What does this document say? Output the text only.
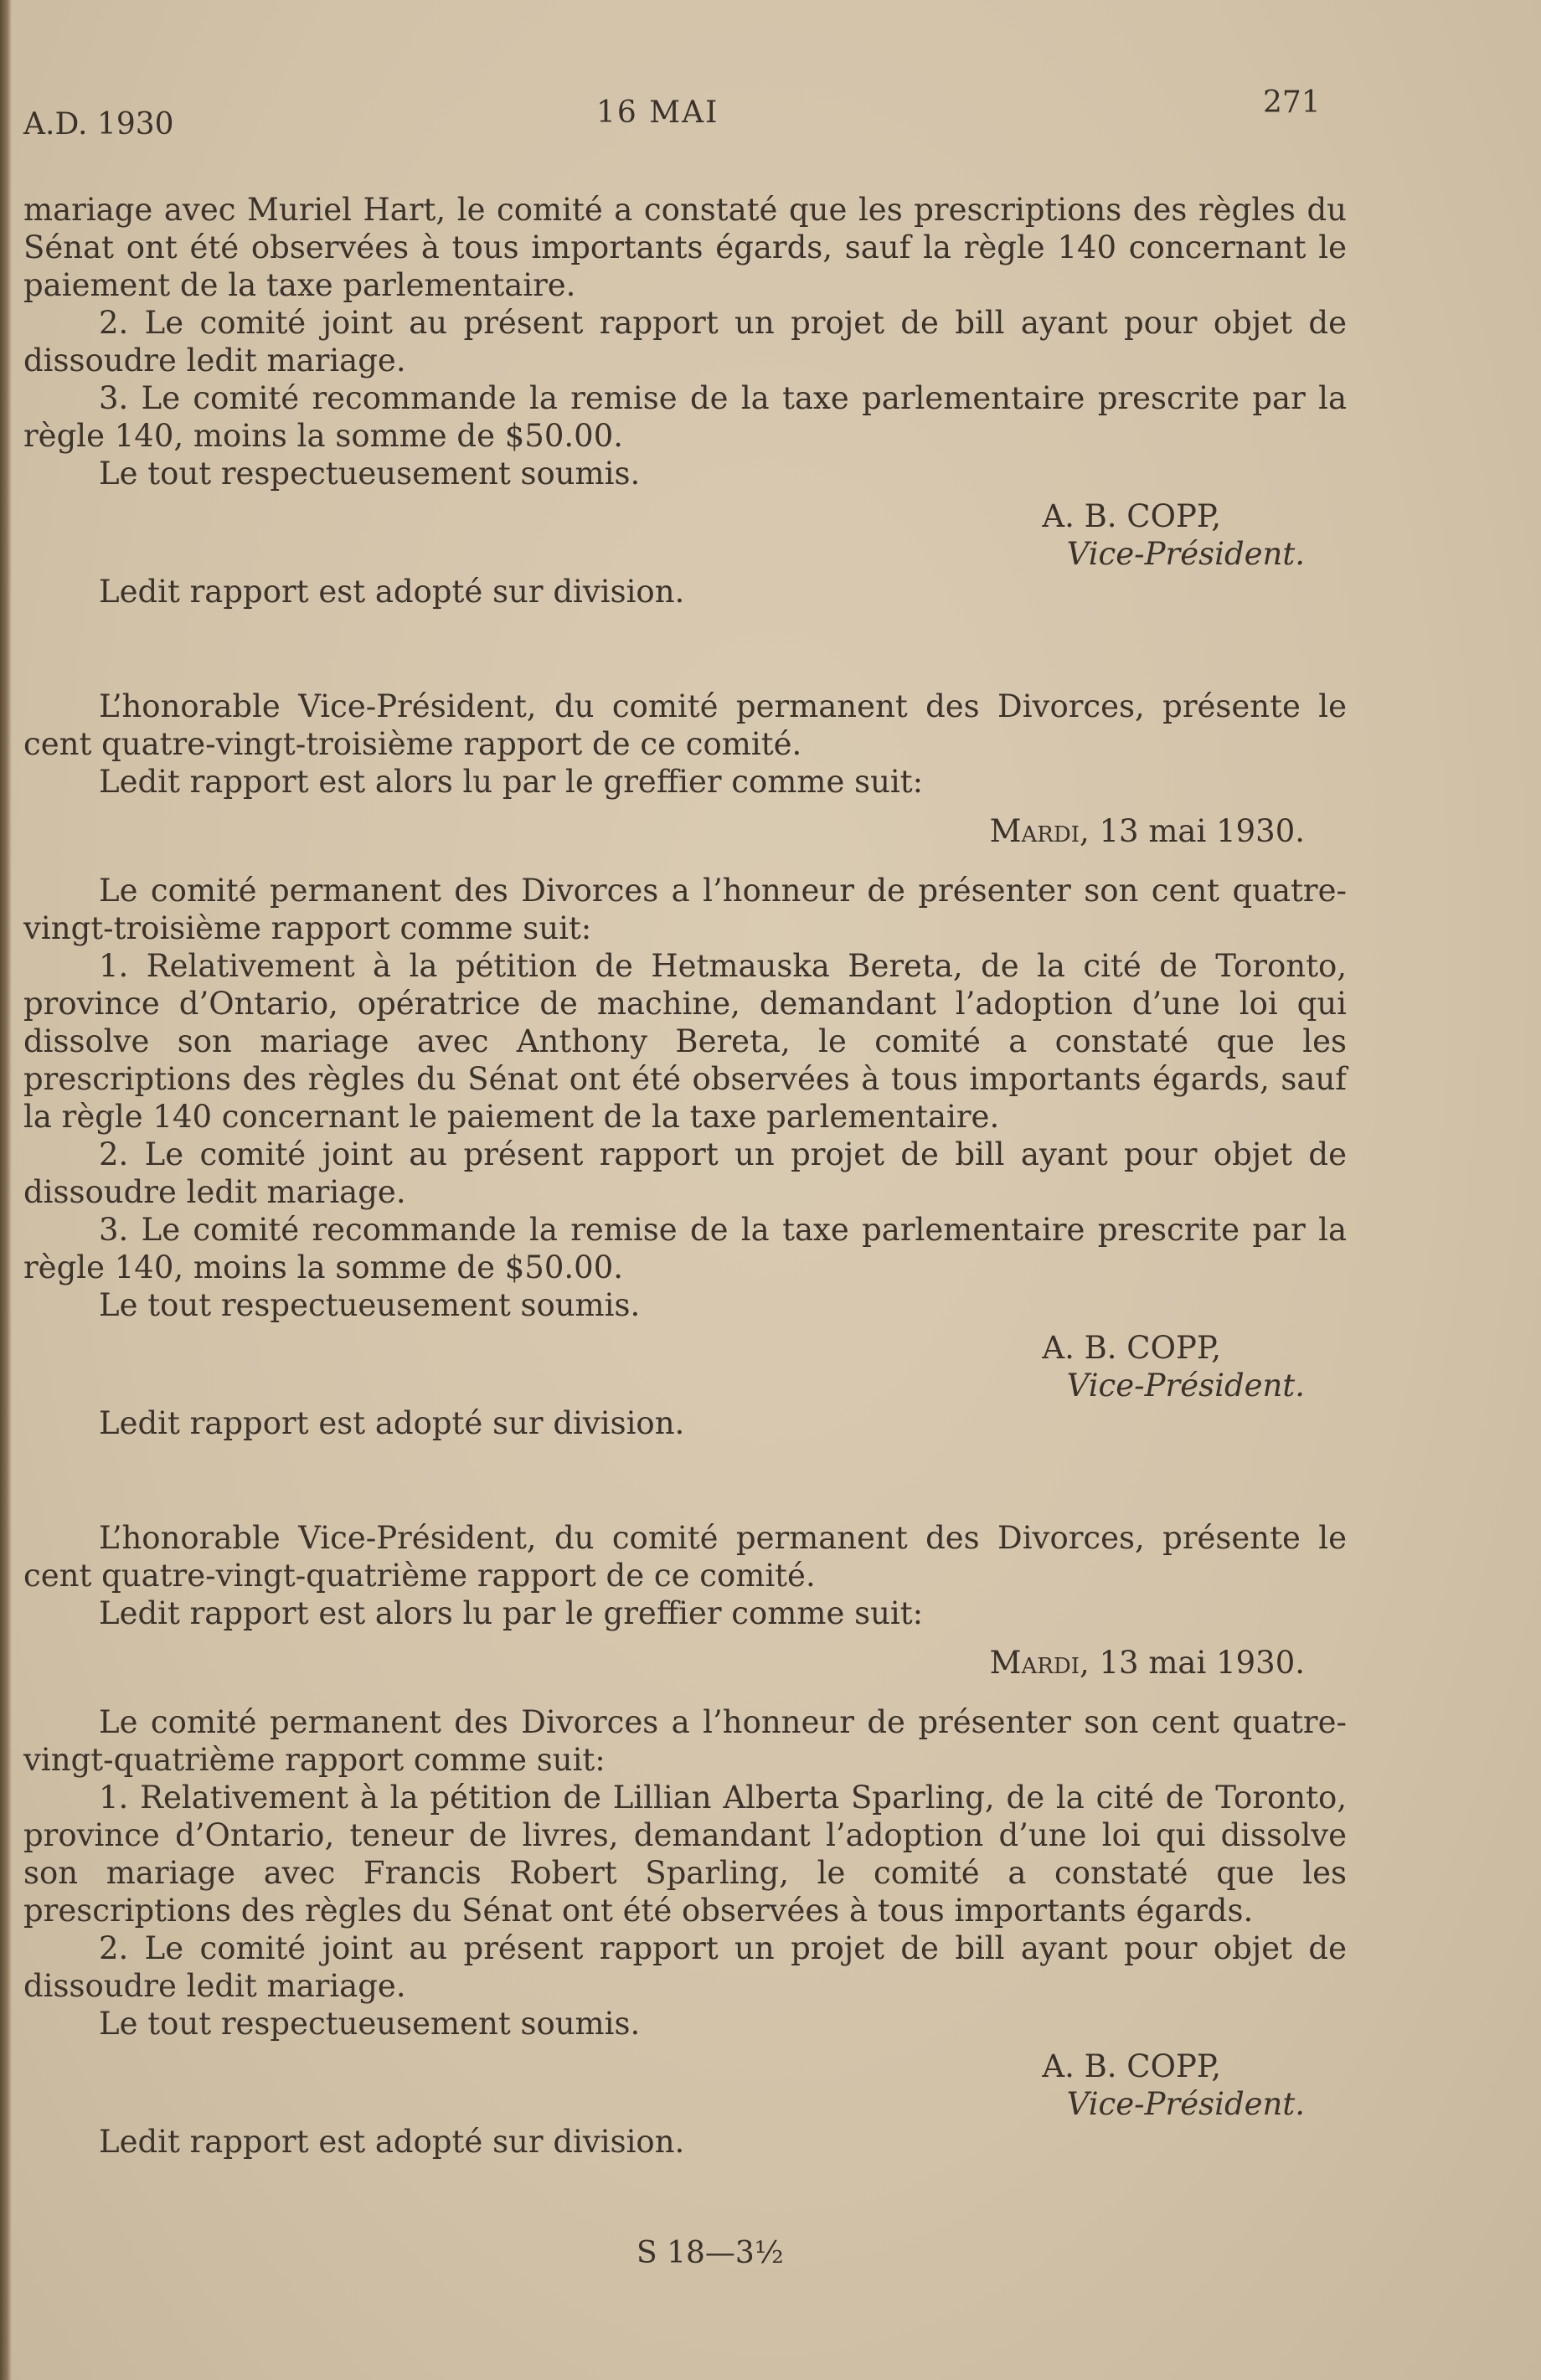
A.D. 1930	16 MAI	271

mariage avec Muriel Hart, le comité a constaté que les prescriptions des règles du Sénat ont été observées à tous importants égards, sauf la règle 140 concernant le paiement de la taxe parlementaire.

2. Le comité joint au présent rapport un projet de bill ayant pour objet de dissoudre ledit mariage.

3. Le comité recommande la remise de la taxe parlementaire prescrite par la règle 140, moins la somme de $50.00.

Le tout respectueusement soumis.

A. B. COPP,
Vice-Président.

Ledit rapport est adopté sur division.

L’honorable Vice-Président, du comité permanent des Divorces, présente le cent quatre-vingt-troisième rapport de ce comité.

Ledit rapport est alors lu par le greffier comme suit:

Mardi, 13 mai 1930.

Le comité permanent des Divorces a l’honneur de présenter son cent quatre-vingt-troisième rapport comme suit:

1. Relativement à la pétition de Hetmauska Bereta, de la cité de Toronto, province d’Ontario, opératrice de machine, demandant l’adoption d’une loi qui dissolve son mariage avec Anthony Bereta, le comité a constaté que les prescriptions des règles du Sénat ont été observées à tous importants égards, sauf la règle 140 concernant le paiement de la taxe parlementaire.

2. Le comité joint au présent rapport un projet de bill ayant pour objet de dissoudre ledit mariage.

3. Le comité recommande la remise de la taxe parlementaire prescrite par la règle 140, moins la somme de $50.00.

Le tout respectueusement soumis.

A. B. COPP,
Vice-Président.

Ledit rapport est adopté sur division.

L’honorable Vice-Président, du comité permanent des Divorces, présente le cent quatre-vingt-quatrième rapport de ce comité.

Ledit rapport est alors lu par le greffier comme suit:

Mardi, 13 mai 1930.

Le comité permanent des Divorces a l’honneur de présenter son cent quatre-vingt-quatrième rapport comme suit:

1. Relativement à la pétition de Lillian Alberta Sparling, de la cité de Toronto, province d’Ontario, teneur de livres, demandant l’adoption d’une loi qui dissolve son mariage avec Francis Robert Sparling, le comité a constaté que les prescriptions des règles du Sénat ont été observées à tous importants égards.

2. Le comité joint au présent rapport un projet de bill ayant pour objet de dissoudre ledit mariage.

Le tout respectueusement soumis.

A. B. COPP,
Vice-Président.

Ledit rapport est adopté sur division.

S 18—3½
